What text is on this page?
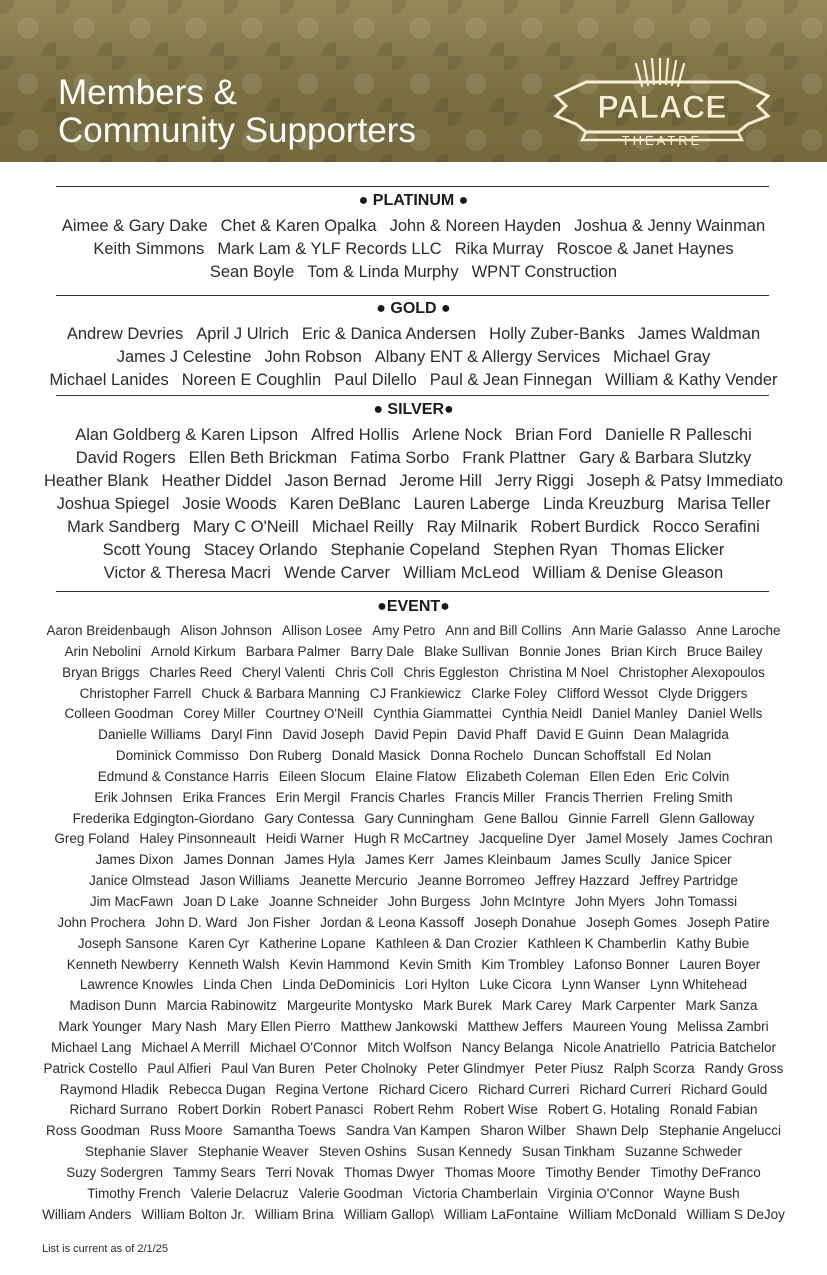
Members &
Community Supporters
PALACE
THEATRE
● PLATINUM ●
Aimee & Gary Dake Chet & Karen Opalka John & Noreen Hayden Joshua & Jenny Wainman
Keith Simmons Mark Lam & YLF Records LLC Rika Murray Roscoe & Janet Haynes
Sean Boyle Tom & Linda Murphy WPNT Construction
● GOLD ●
Andrew Devries April J Ulrich Eric & Danica Andersen Holly Zuber-Banks James Waldman
James J Celestine John Robson Albany ENT & Allergy Services Michael Gray
Michael Lanides Noreen E Coughlin Paul Dilello Paul & Jean Finnegan William & Kathy Vender
● SILVER●
Alan Goldberg & Karen Lipson Alfred Hollis Arlene Nock Brian Ford Danielle R Palleschi
David Rogers Ellen Beth Brickman Fatima Sorbo Frank Plattner Gary & Barbara Slutzky
Heather Blank Heather Diddel Jason Bernad Jerome Hill Jerry Riggi Joseph & Patsy Immediato
Joshua Spiegel Josie Woods Karen DeBlanc Lauren Laberge Linda Kreuzburg Marisa Teller
Mark Sandberg Mary C O'Neill Michael Reilly Ray Milnarik Robert Burdick Rocco Serafini
Scott Young Stacey Orlando Stephanie Copeland Stephen Ryan Thomas Elicker
Victor & Theresa Macri Wende Carver William McLeod William & Denise Gleason
●EVENT●
Aaron Breidenbaugh Alison Johnson Allison Losee Amy Petro Ann and Bill Collins Ann Marie Galasso Anne Laroche
Arin Nebolini Arnold Kirkum Barbara Palmer Barry Dale Blake Sullivan Bonnie Jones Brian Kirch Bruce Bailey
Bryan Briggs Charles Reed Cheryl Valenti Chris Coll Chris Eggleston Christina M Noel Christopher Alexopoulos
Christopher Farrell Chuck & Barbara Manning CJ Frankiewicz Clarke Foley Clifford Wessot Clyde Driggers
Colleen Goodman Corey Miller Courtney O'Neill Cynthia Giammattei Cynthia Neidl Daniel Manley Daniel Wells
Danielle Williams Daryl Finn David Joseph David Pepin David Phaff David E Guinn Dean Malagrida
Dominick Commisso Don Ruberg Donald Masick Donna Rochelo Duncan Schoffstall Ed Nolan
Edmund & Constance Harris Eileen Slocum Elaine Flatow Elizabeth Coleman Ellen Eden Eric Colvin
Erik Johnsen Erika Frances Erin Mergil Francis Charles Francis Miller Francis Therrien Freling Smith
Frederika Edgington-Giordano Gary Contessa Gary Cunningham Gene Ballou Ginnie Farrell Glenn Galloway
Greg Foland Haley Pinsonneault Heidi Warner Hugh R McCartney Jacqueline Dyer Jamel Mosely James Cochran
James Dixon James Donnan James Hyla James Kerr James Kleinbaum James Scully Janice Spicer
Janice Olmstead Jason Williams Jeanette Mercurio Jeanne Borromeo Jeffrey Hazzard Jeffrey Partridge
Jim MacFawn Joan D Lake Joanne Schneider John Burgess John McIntyre John Myers John Tomassi
John Prochera John D. Ward Jon Fisher Jordan & Leona Kassoff Joseph Donahue Joseph Gomes Joseph Patire
Joseph Sansone Karen Cyr Katherine Lopane Kathleen & Dan Crozier Kathleen K Chamberlin Kathy Bubie
Kenneth Newberry Kenneth Walsh Kevin Hammond Kevin Smith Kim Trombley Lafonso Bonner Lauren Boyer
Lawrence Knowles Linda Chen Linda DeDominicis Lori Hylton Luke Cicora Lynn Wanser Lynn Whitehead
Madison Dunn Marcia Rabinowitz Margeurite Montysko Mark Burek Mark Carey Mark Carpenter Mark Sanza
Mark Younger Mary Nash Mary Ellen Pierro Matthew Jankowski Matthew Jeffers Maureen Young Melissa Zambri
Michael Lang Michael A Merrill Michael O'Connor Mitch Wolfson Nancy Belanga Nicole Anatriello Patricia Batchelor
Patrick Costello Paul Alfieri Paul Van Buren Peter Cholnoky Peter Glindmyer Peter Piusz Ralph Scorza Randy Gross
Raymond Hladik Rebecca Dugan Regina Vertone Richard Cicero Richard Curreri Richard Curreri Richard Gould
Richard Surrano Robert Dorkin Robert Panasci Robert Rehm Robert Wise Robert G. Hotaling Ronald Fabian
Ross Goodman Russ Moore Samantha Toews Sandra Van Kampen Sharon Wilber Shawn Delp Stephanie Angelucci
Stephanie Slaver Stephanie Weaver Steven Oshins Susan Kennedy Susan Tinkham Suzanne Schweder
Suzy Sodergren Tammy Sears Terri Novak Thomas Dwyer Thomas Moore Timothy Bender Timothy DeFranco
Timothy French Valerie Delacruz Valerie Goodman Victoria Chamberlain Virginia O'Connor Wayne Bush
William Anders William Bolton Jr. William Brina William Gallop\ William LaFontaine William McDonald William S DeJoy
List is current as of 2/1/25
